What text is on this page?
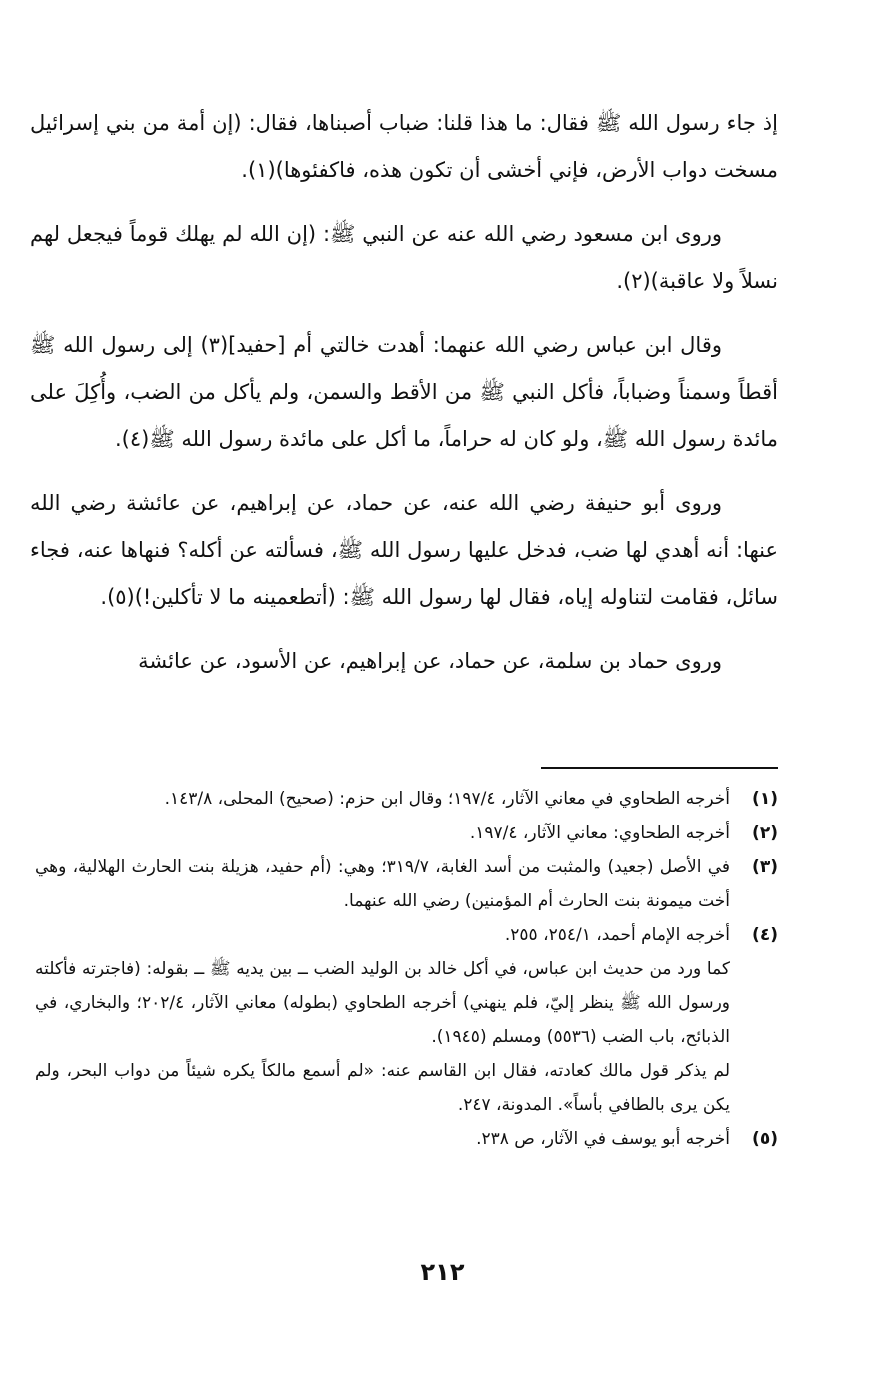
إذ جاء رسول الله ﷺ فقال: ما هذا قلنا: ضباب أصبناها، فقال: (إن أمة من بني إسرائيل مسخت دواب الأرض، فإني أخشى أن تكون هذه، فاكفئوها)(١).

وروى ابن مسعود رضي الله عنه عن النبي ﷺ: (إن الله لم يهلك قوماً فيجعل لهم نسلاً ولا عاقبة)(٢).

وقال ابن عباس رضي الله عنهما: أهدت خالتي أم [حفيد](٣) إلى رسول الله ﷺ أقطاً وسمناً وضباباً، فأكل النبي ﷺ من الأقط والسمن، ولم يأكل من الضب، وأُكِلَ على مائدة رسول الله ﷺ، ولو كان له حراماً، ما أكل على مائدة رسول الله ﷺ(٤).

وروى أبو حنيفة رضي الله عنه، عن حماد، عن إبراهيم، عن عائشة رضي الله عنها: أنه أهدي لها ضب، فدخل عليها رسول الله ﷺ، فسألته عن أكله؟ فنهاها عنه، فجاء سائل، فقامت لتناوله إياه، فقال لها رسول الله ﷺ: (أتطعمينه ما لا تأكلين!)(٥).

وروى حماد بن سلمة، عن حماد، عن إبراهيم، عن الأسود، عن عائشة

(١)
أخرجه الطحاوي في معاني الآثار، ١٩٧/٤؛ وقال ابن حزم: (صحيح) المحلى، ١٤٣/٨.
(٢)
أخرجه الطحاوي: معاني الآثار، ١٩٧/٤.
(٣)
في الأصل (جعيد) والمثبت من أسد الغابة، ٣١٩/٧؛ وهي: (أم حفيد، هزيلة بنت الحارث الهلالية، وهي أخت ميمونة بنت الحارث أم المؤمنين) رضي الله عنهما.
(٤)
أخرجه الإمام أحمد، ٢٥٤/١، ٢٥٥.
كما ورد من حديث ابن عباس، في أكل خالد بن الوليد الضب ــ بين يديه ﷺ ــ بقوله: (فاجترته فأكلته ورسول الله ﷺ ينظر إليّ، فلم ينهني) أخرجه الطحاوي (بطوله) معاني الآثار، ٢٠٢/٤؛ والبخاري، في الذبائح، باب الضب (٥٥٣٦) ومسلم (١٩٤٥).
لم يذكر قول مالك كعادته، فقال ابن القاسم عنه: «لم أسمع مالكاً يكره شيئاً من دواب البحر، ولم يكن يرى بالطافي بأساً». المدونة، ٢٤٧.
(٥)
أخرجه أبو يوسف في الآثار، ص ٢٣٨.
٢١٢
